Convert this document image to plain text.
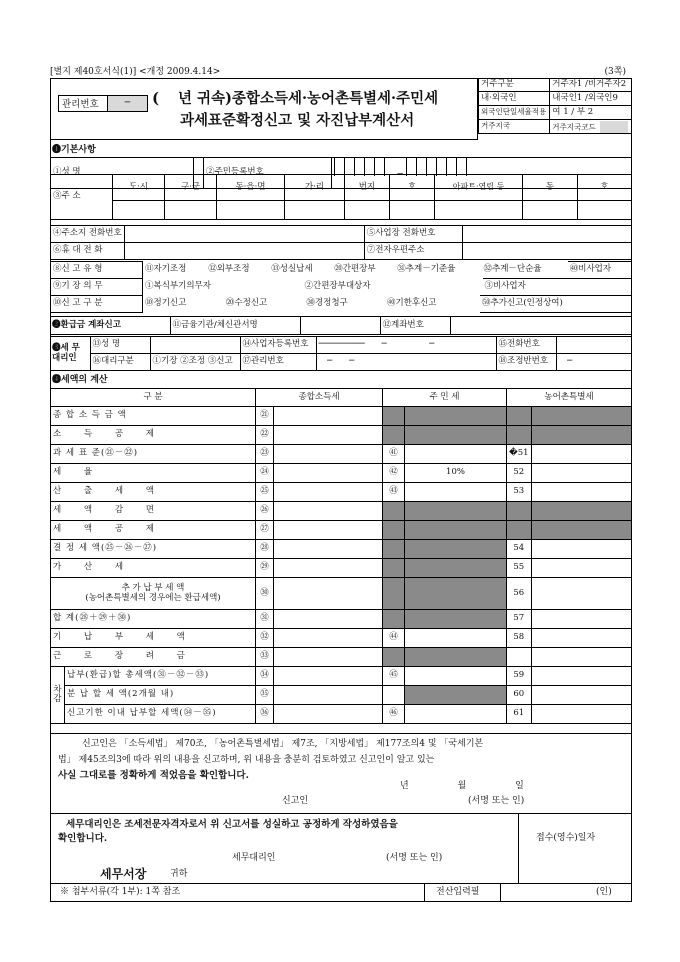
[별지 제40호서식(1)] <개정 2009.4.14>	(3쪽)
관리번호	─	( 년 귀속)종합소득세·농어촌특별세·주민세
과세표준확정신고 및 자진납부계산서
거주구분	거주자1 /비거주자2
내·외국인	내국인1 /외국인9
외국인단일세율적용	여 1 / 부 2
거주지국	거주지국코드
❶기본사항
①성 명		②주민등록번호	−
③주 소	도·시	구·군	동·읍·면	가·리	번지	호	아파트·연립 등	동	호

④주소지 전화번호		⑤사업장 전화번호	
⑥휴 대 전 화		⑦전자우편주소	
⑧신 고 유 형	⑪자기조정	⑫외부조정	⑬성실납세	⑳간편장부	㉛추계－기준율	㉜추계－단순율	㊵비사업자
⑨기 장 의 무	①복식부기의무자	②간편장부대상자	③비사업자
⑩신 고 구 분	⑩정기신고	⑳수정신고	㉚경정청구	㊵기한후신고	㊿추가신고(인정상여)
❷환급금 계좌신고	⑪금융기관/체신관서명		⑫계좌번호	
❸세 무
대리인	⑬성 명		⑭사업자등록번호	─────────　　─　　　　　─	⑮전화번호	
	⑯대리구분	①기장 ②조정 ③신고	⑰관리번호	　─　　─	⑱조정반번호	　─
❹세액의 계산
구 분		종합소득세		주 민 세		농어촌특별세	
종 합 소 득 금 액		㉑					
소 득 공 제		㉒					
과 세 표 준(㉑－㉒)		㉓		㊶		�51	
세 율		㉔		㊷	10%	52	
산 출 세 액		㉕		㊸		53	
세 액 감 면		㉖					
세 액 공 제		㉗					
결 정 세 액(㉕－㉖－㉗)		㉘				54	
가 산 세		㉙				55	

추 가 납 부 세 액
(농어촌특별세의 경우에는 환급세액)		㉚				56	
합 계(㉘＋㉙＋㉚)		㉛				57	
기 납 부 세 액		㉜		㊹		58	
근 로 장 려 금		㉝					
차감	납부(환급)할 총세액(㉛－㉜－㉝)	㉞		㊺		59	
	분 납 할 세 액(2개월 내)	㉟				60	
	신고기한 이내 납부할 세액(㉞－㉟)	㊱		㊻		61	
신고인은 「소득세법」 제70조, 「농어촌특별세법」 제7조, 「지방세법」 제177조의4 및 「국세기본
법」 제45조의3에 따라 위의 내용을 신고하며, 위 내용을 충분히 검토하였고 신고인이 알고 있는
사실 그대로를 정확하게 적었음을 확인합니다.
년 월 일
신고인	(서명 또는 인)
세무대리인은 조세전문자격자로서 위 신고서를 성실하고 공정하게 작성하였음을
확인합니다.
세무대리인	(서명 또는 인)
세무서장	귀하
접수(영수)일자
※ 첨부서류(각 1부): 1쪽 참조	전산입력필	(인)
